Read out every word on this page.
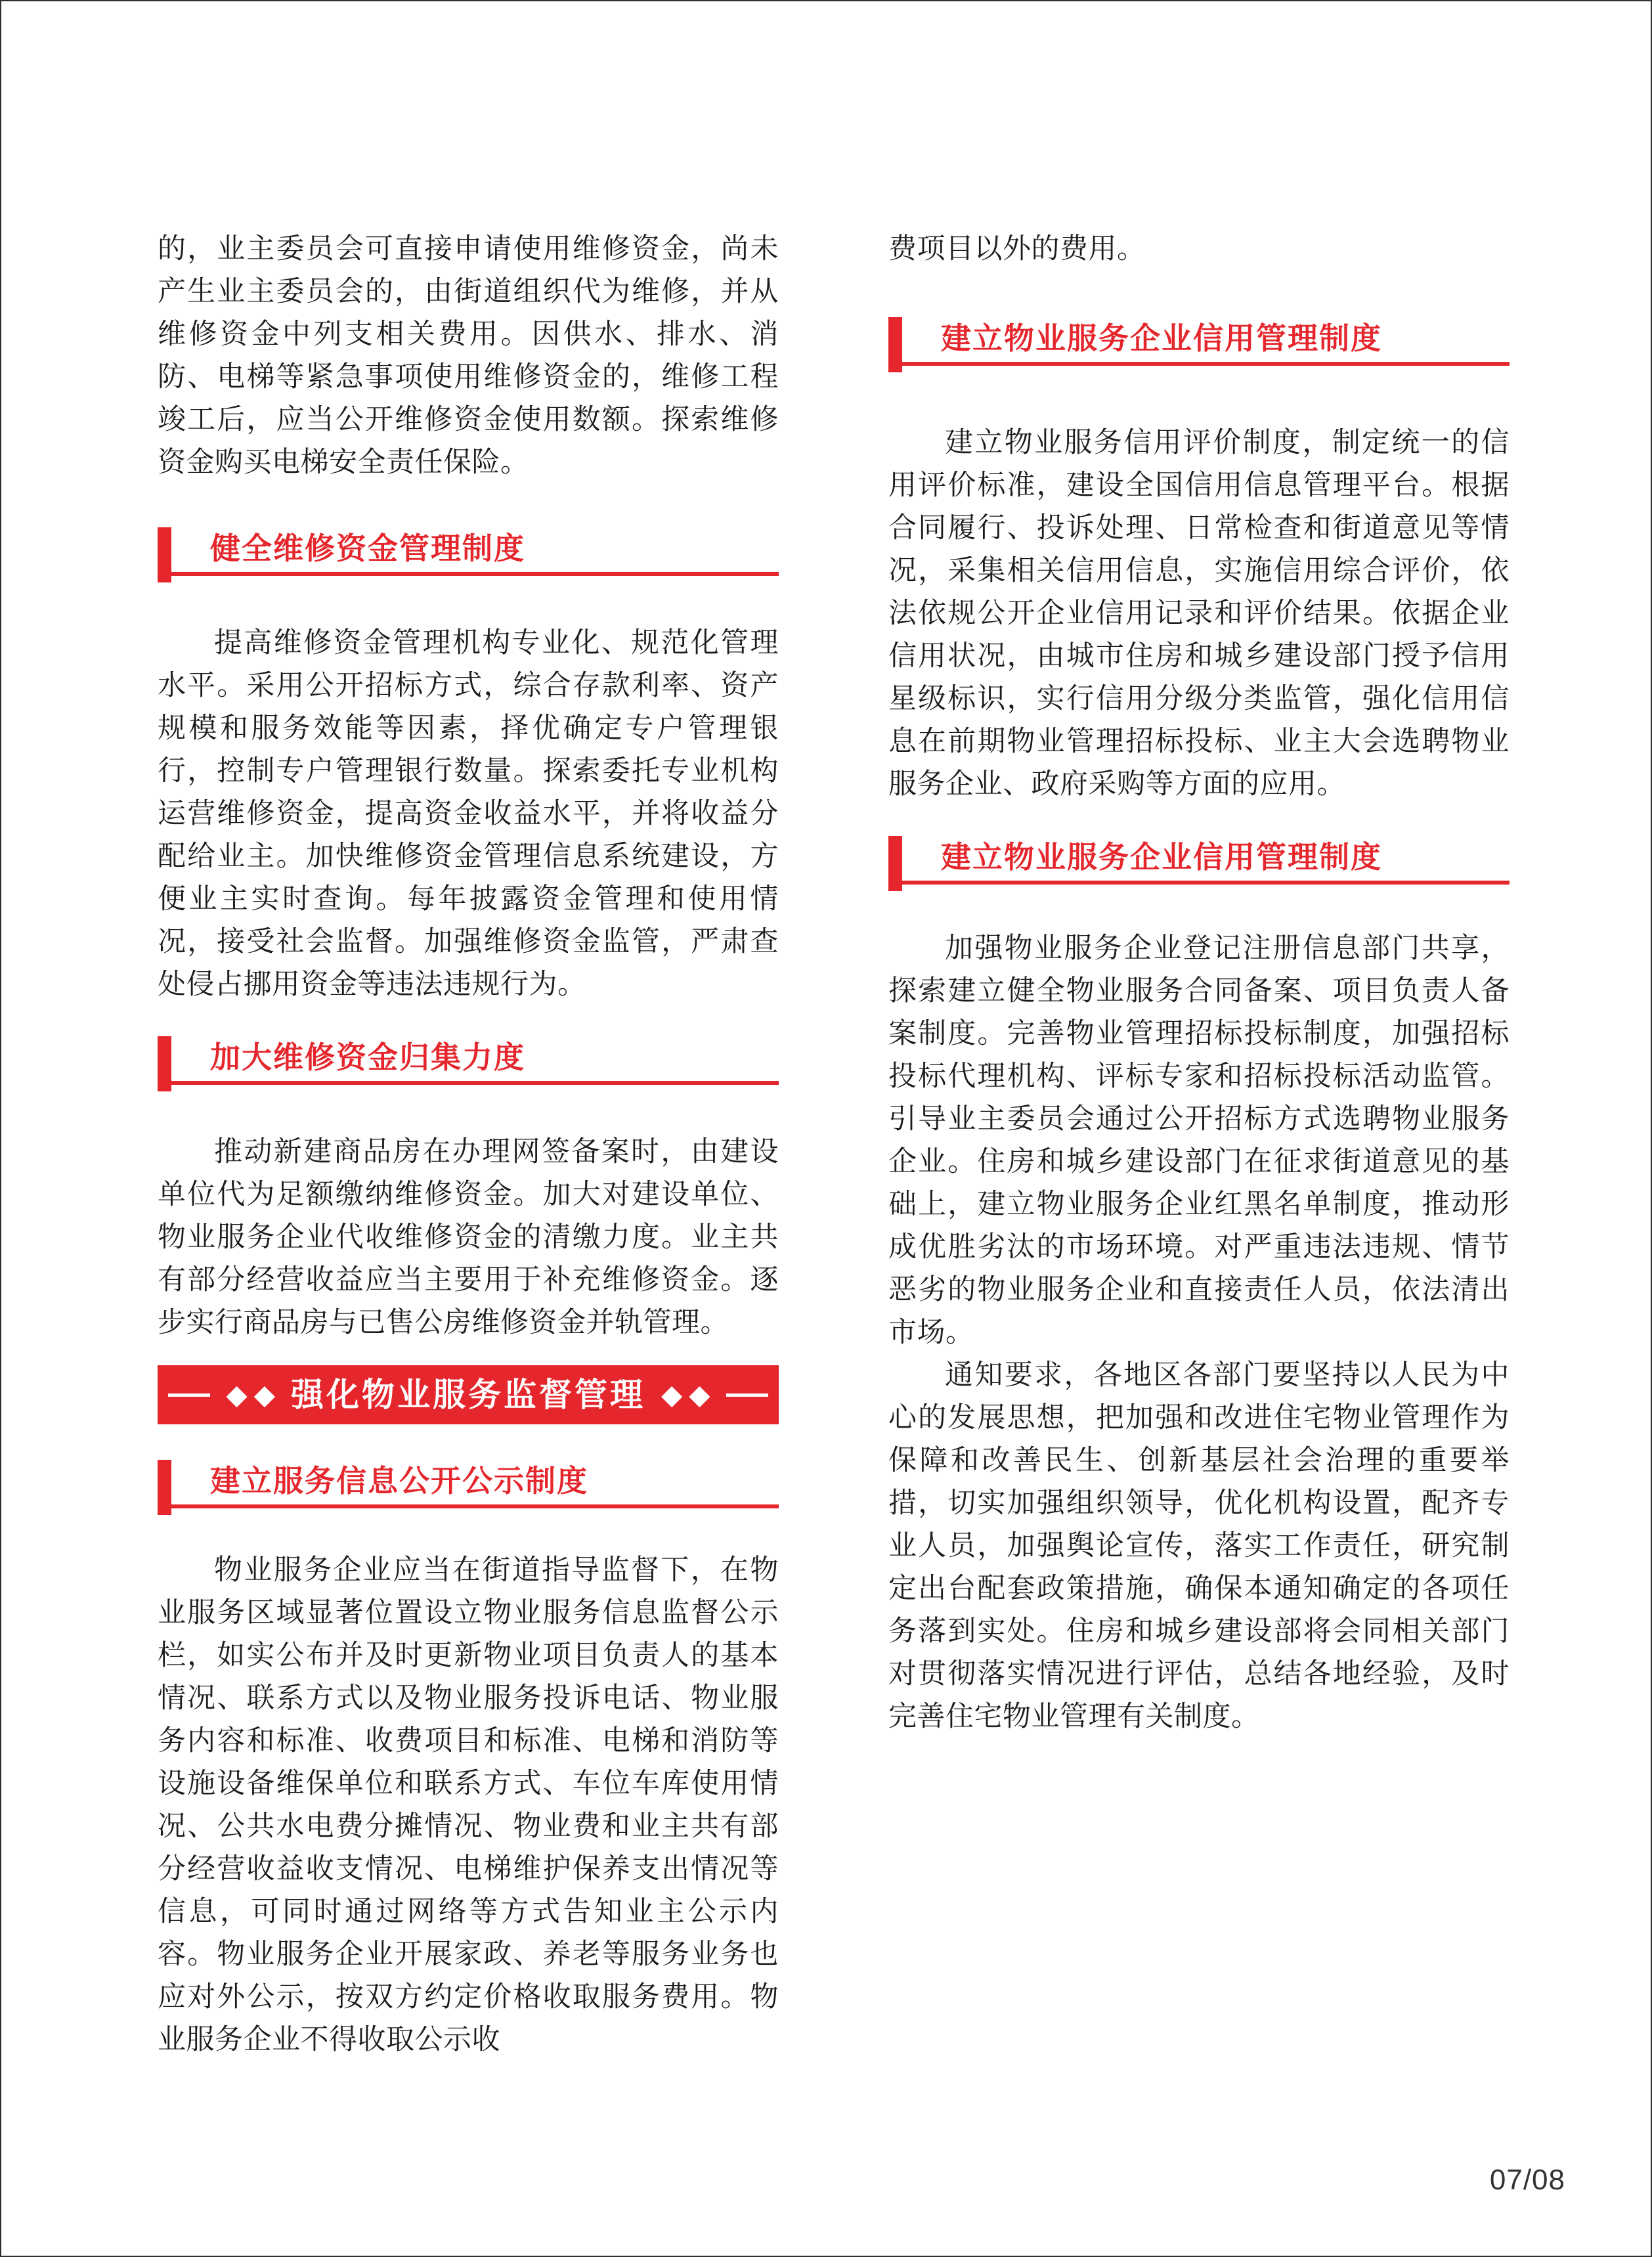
的，业主委员会可直接申请使用维修资金，尚未产生业主委员会的，由街道组织代为维修，并从维修资金中列支相关费用。因供水、排水、消防、电梯等紧急事项使用维修资金的，维修工程竣工后，应当公开维修资金使用数额。探索维修资金购买电梯安全责任保险。

健全维修资金管理制度

提高维修资金管理机构专业化、规范化管理水平。采用公开招标方式，综合存款利率、资产规模和服务效能等因素，择优确定专户管理银行，控制专户管理银行数量。探索委托专业机构运营维修资金，提高资金收益水平，并将收益分配给业主。加快维修资金管理信息系统建设，方便业主实时查询。每年披露资金管理和使用情况，接受社会监督。加强维修资金监管，严肃查处侵占挪用资金等违法违规行为。

加大维修资金归集力度

推动新建商品房在办理网签备案时，由建设单位代为足额缴纳维修资金。加大对建设单位、物业服务企业代收维修资金的清缴力度。业主共有部分经营收益应当主要用于补充维修资金。逐步实行商品房与已售公房维修资金并轨管理。

◆◆ 强化物业服务监督管理 ◆◆
建立服务信息公开公示制度

物业服务企业应当在街道指导监督下，在物业服务区域显著位置设立物业服务信息监督公示栏，如实公布并及时更新物业项目负责人的基本情况、联系方式以及物业服务投诉电话、物业服务内容和标准、收费项目和标准、电梯和消防等设施设备维保单位和联系方式、车位车库使用情况、公共水电费分摊情况、物业费和业主共有部分经营收益收支情况、电梯维护保养支出情况等信息，可同时通过网络等方式告知业主公示内容。物业服务企业开展家政、养老等服务业务也应对外公示，按双方约定价格收取服务费用。物业服务企业不得收取公示收

费项目以外的费用。

建立物业服务企业信用管理制度

建立物业服务信用评价制度，制定统一的信用评价标准，建设全国信用信息管理平台。根据合同履行、投诉处理、日常检查和街道意见等情况，采集相关信用信息，实施信用综合评价，依法依规公开企业信用记录和评价结果。依据企业信用状况，由城市住房和城乡建设部门授予信用星级标识，实行信用分级分类监管，强化信用信息在前期物业管理招标投标、业主大会选聘物业服务企业、政府采购等方面的应用。

建立物业服务企业信用管理制度

加强物业服务企业登记注册信息部门共享，探索建立健全物业服务合同备案、项目负责人备案制度。完善物业管理招标投标制度，加强招标投标代理机构、评标专家和招标投标活动监管。引导业主委员会通过公开招标方式选聘物业服务企业。住房和城乡建设部门在征求街道意见的基础上，建立物业服务企业红黑名单制度，推动形成优胜劣汰的市场环境。对严重违法违规、情节恶劣的物业服务企业和直接责任人员，依法清出市场。

通知要求，各地区各部门要坚持以人民为中心的发展思想，把加强和改进住宅物业管理作为保障和改善民生、创新基层社会治理的重要举措，切实加强组织领导，优化机构设置，配齐专业人员，加强舆论宣传，落实工作责任，研究制定出台配套政策措施，确保本通知确定的各项任务落到实处。住房和城乡建设部将会同相关部门对贯彻落实情况进行评估，总结各地经验，及时完善住宅物业管理有关制度。

07/08
